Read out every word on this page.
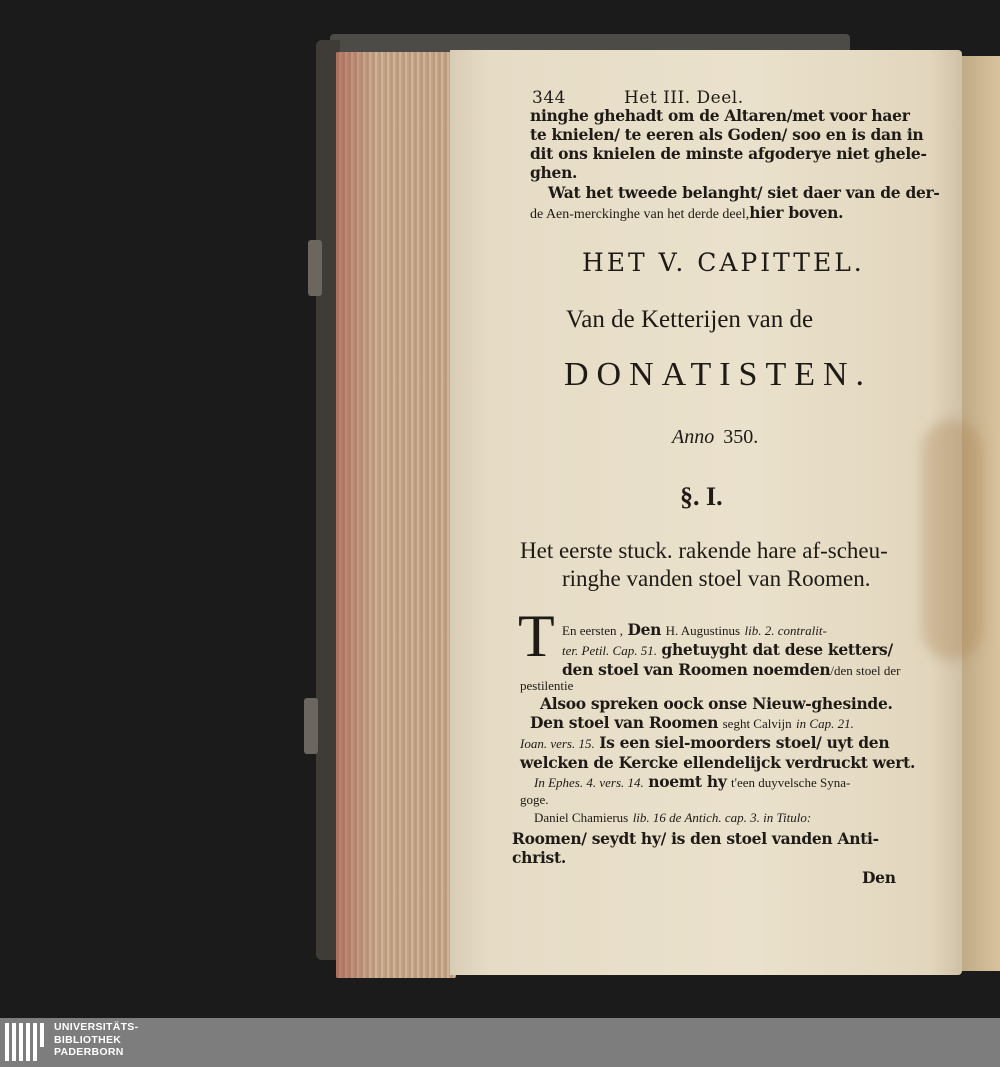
344	Het III. Deel.
ninghe ghehadt om de Altaren/met voor haer
te knielen/ te eeren als Goden/ soo en is dan in
dit ons knielen de minste afgoderye niet ghele-
ghen.
Wat het tweede belanght/ siet daer van de der-
de Aen-merckinghe van het derde deel,hier boven.
HET V. CAPITTEL.
Van de Ketterijen van de
DONATISTEN.
Anno 350.
§. I.
Het eerste stuck. rakende hare af-scheu-
ringhe vanden stoel van Roomen.
T En eersten , Den H. Augustinus lib. 2. contralit-
ter. Petil. Cap. 51. ghetuyght dat dese ketters/
den stoel van Roomen noemden/den stoel der
pestilentie
Alsoo spreken oock onse Nieuw-ghesinde.
Den stoel van Roomen seght Calvijn in Cap. 21.
Ioan. vers. 15. Is een siel-moorders stoel/ uyt den
welcken de Kercke ellendelijck verdruckt wert.
In Ephes. 4. vers. 14. noemt hy t'een duyvelsche Syna-
goge.
Daniel Chamierus lib. 16 de Antich. cap. 3. in Titulo:
Roomen/ seydt hy/ is den stoel vanden Anti-
christ.
Den
UNIVERSITÄTS-
BIBLIOTHEK
PADERBORN
